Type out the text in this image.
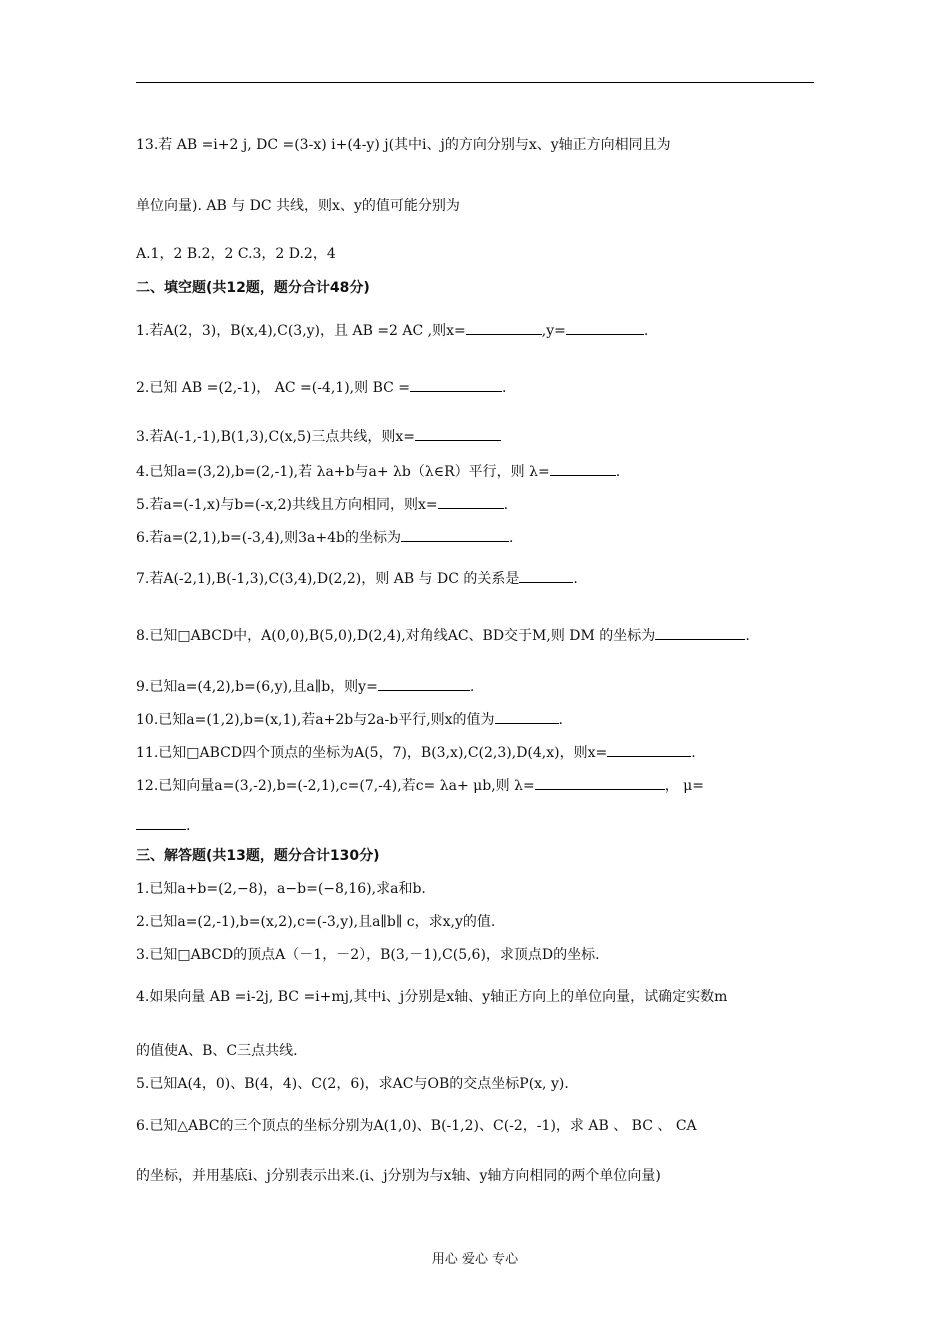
13.若 AB =i+2 j, DC =(3-x) i+(4-y) j(其中i、j的方向分别与x、y轴正方向相同且为
单位向量). AB 与 DC 共线，则x、y的值可能分别为
A.1，2 B.2，2 C.3，2 D.2，4
二、填空题(共12题，题分合计48分)
1.若A(2，3)，B(x,4),C(3,y)，且 AB =2 AC ,则x=	,y=	.
2.已知 AB =(2,-1)， AC =(-4,1),则 BC =	.
3.若A(-1,-1),B(1,3),C(x,5)三点共线，则x=
4.已知a=(3,2),b=(2,-1),若 λa+b与a+ λb（λ∈R）平行，则 λ=	.
5.若a=(-1,x)与b=(-x,2)共线且方向相同，则x=	.
6.若a=(2,1),b=(-3,4),则3a+4b的坐标为	.
7.若A(-2,1),B(-1,3),C(3,4),D(2,2)，则 AB 与 DC 的关系是	.
8.已知□ABCD中，A(0,0),B(5,0),D(2,4),对角线AC、BD交于M,则 DM 的坐标为	.
9.已知a=(4,2),b=(6,y),且a∥b，则y=	.
10.已知a=(1,2),b=(x,1),若a+2b与2a-b平行,则x的值为	.
11.已知□ABCD四个顶点的坐标为A(5，7)，B(3,x),C(2,3),D(4,x)，则x=	.
12.已知向量a=(3,-2),b=(-2,1),c=(7,-4),若c= λa+ μb,则 λ=	， μ=
.
三、解答题(共13题，题分合计130分)
1.已知a+b=(2,−8)，a−b=(−8,16),求a和b.
2.已知a=(2,-1),b=(x,2),c=(-3,y),且a∥b∥ c，求x,y的值.
3.已知□ABCD的顶点A（－1，－2），B(3,－1),C(5,6)，求顶点D的坐标.
4.如果向量 AB =i-2j, BC =i+mj,其中i、j分别是x轴、y轴正方向上的单位向量，试确定实数m
的值使A、B、C三点共线.
5.已知A(4，0)、B(4，4)、C(2，6)，求AC与OB的交点坐标P(x, y).
6.已知△ABC的三个顶点的坐标分别为A(1,0)、B(-1,2)、C(-2，-1)，求 AB 、 BC 、 CA
的坐标，并用基底i、j分别表示出来.(i、j分别为与x轴、y轴方向相同的两个单位向量)
用心 爱心 专心
